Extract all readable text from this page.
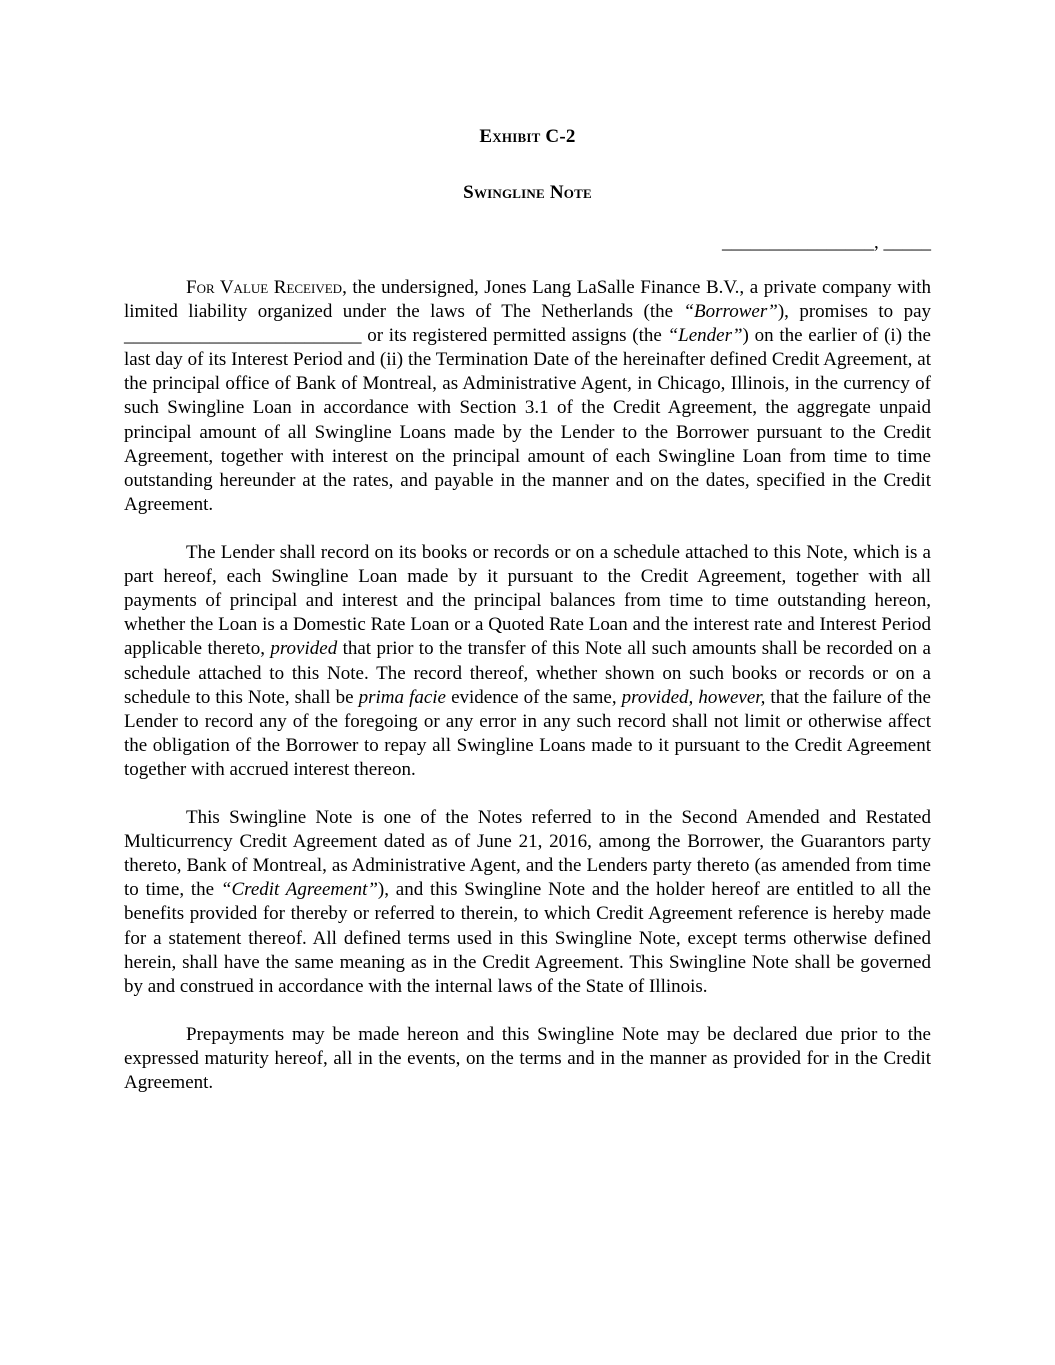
Exhibit C-2
Swingline Note
________________, _____

For Value Received, the undersigned, Jones Lang LaSalle Finance B.V., a private company with limited liability organized under the laws of The Netherlands (the “Borrower”), promises to pay _________________________ or its registered permitted assigns (the “Lender”) on the earlier of (i) the last day of its Interest Period and (ii) the Termination Date of the hereinafter defined Credit Agreement, at the principal office of Bank of Montreal, as Administrative Agent, in Chicago, Illinois, in the currency of such Swingline Loan in accordance with Section 3.1 of the Credit Agreement, the aggregate unpaid principal amount of all Swingline Loans made by the Lender to the Borrower pursuant to the Credit Agreement, together with interest on the principal amount of each Swingline Loan from time to time outstanding hereunder at the rates, and payable in the manner and on the dates, specified in the Credit Agreement.

The Lender shall record on its books or records or on a schedule attached to this Note, which is a part hereof, each Swingline Loan made by it pursuant to the Credit Agreement, together with all payments of principal and interest and the principal balances from time to time outstanding hereon, whether the Loan is a Domestic Rate Loan or a Quoted Rate Loan and the interest rate and Interest Period applicable thereto, provided that prior to the transfer of this Note all such amounts shall be recorded on a schedule attached to this Note. The record thereof, whether shown on such books or records or on a schedule to this Note, shall be prima facie evidence of the same, provided, however, that the failure of the Lender to record any of the foregoing or any error in any such record shall not limit or otherwise affect the obligation of the Borrower to repay all Swingline Loans made to it pursuant to the Credit Agreement together with accrued interest thereon.

This Swingline Note is one of the Notes referred to in the Second Amended and Restated Multicurrency Credit Agreement dated as of June 21, 2016, among the Borrower, the Guarantors party thereto, Bank of Montreal, as Administrative Agent, and the Lenders party thereto (as amended from time to time, the “Credit Agreement”), and this Swingline Note and the holder hereof are entitled to all the benefits provided for thereby or referred to therein, to which Credit Agreement reference is hereby made for a statement thereof. All defined terms used in this Swingline Note, except terms otherwise defined herein, shall have the same meaning as in the Credit Agreement. This Swingline Note shall be governed by and construed in accordance with the internal laws of the State of Illinois.

Prepayments may be made hereon and this Swingline Note may be declared due prior to the expressed maturity hereof, all in the events, on the terms and in the manner as provided for in the Credit Agreement.
